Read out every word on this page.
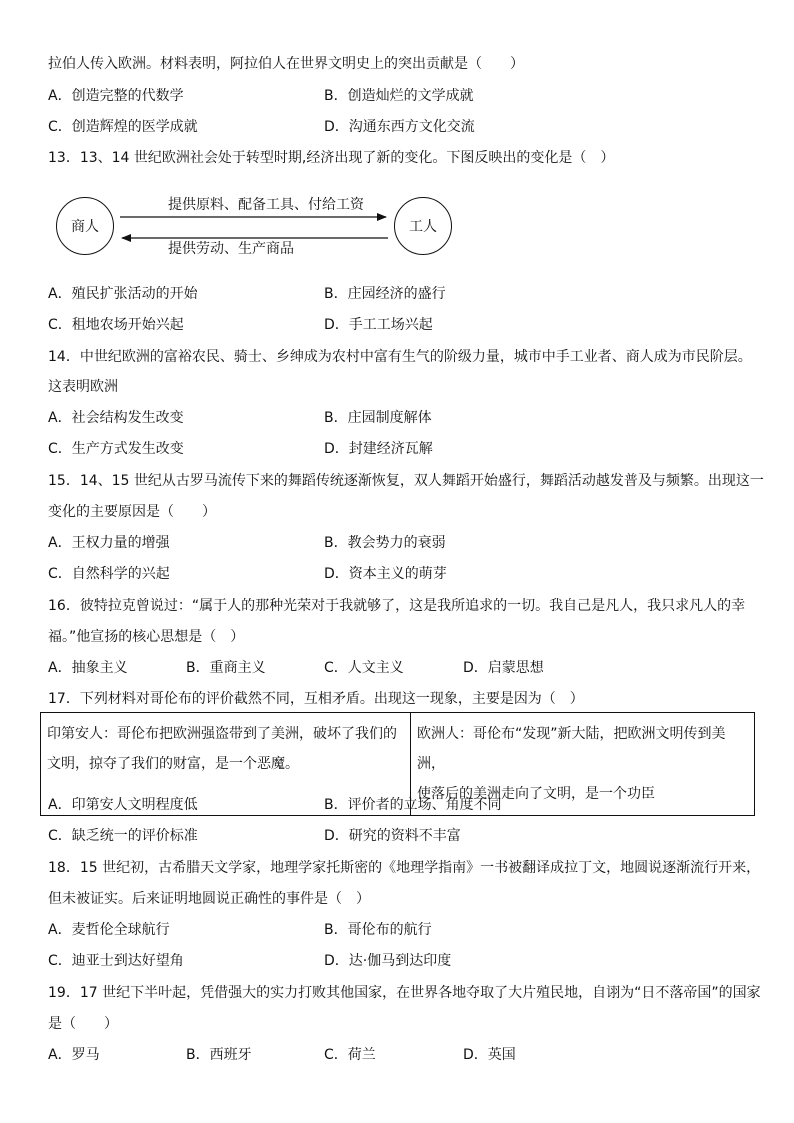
拉伯人传入欧洲。材料表明，阿拉伯人在世界文明史上的突出贡献是（　　）
A．创造完整的代数学	B．创造灿烂的文学成就
C．创造辉煌的医学成就	D．沟通东西方文化交流
13．13、14 世纪欧洲社会处于转型时期,经济出现了新的变化。下图反映出的变化是（　）
商人	工人
提供原料、配备工具、付给工资
提供劳动、生产商品
A．殖民扩张活动的开始	B．庄园经济的盛行
C．租地农场开始兴起	D．手工工场兴起
14．中世纪欧洲的富裕农民、骑士、乡绅成为农村中富有生气的阶级力量，城市中手工业者、商人成为市民阶层。
这表明欧洲
A．社会结构发生改变	B．庄园制度解体
C．生产方式发生改变	D．封建经济瓦解
15．14、15 世纪从古罗马流传下来的舞蹈传统逐渐恢复，双人舞蹈开始盛行，舞蹈活动越发普及与频繁。出现这一
变化的主要原因是（　　）
A．王权力量的增强	B．教会势力的衰弱
C．自然科学的兴起	D．资本主义的萌芽
16．彼特拉克曾说过：“属于人的那种光荣对于我就够了，这是我所追求的一切。我自己是凡人，我只求凡人的幸
福。”他宣扬的核心思想是（　）
A．抽象主义	B．重商主义	C．人文主义	D．启蒙思想
17．下列材料对哥伦布的评价截然不同，互相矛盾。出现这一现象，主要是因为（　）
印第安人：哥伦布把欧洲强盗带到了美洲，破坏了我们的
文明，掠夺了我们的财富，是一个恶魔。

欧洲人：哥伦布“发现”新大陆，把欧洲文明传到美洲，
使落后的美洲走向了文明，是一个功臣
A．印第安人文明程度低	B．评价者的立场、角度不同
C．缺乏统一的评价标准	D．研究的资料不丰富
18．15 世纪初，古希腊天文学家，地理学家托斯密的《地理学指南》一书被翻译成拉丁文，地圆说逐渐流行开来，
但未被证实。后来证明地圆说正确性的事件是（　）
A．麦哲伦全球航行	B．哥伦布的航行
C．迪亚士到达好望角	D．达·伽马到达印度
19．17 世纪下半叶起，凭借强大的实力打败其他国家，在世界各地夺取了大片殖民地，自诩为“日不落帝国”的国家
是（　　）
A．罗马	B．西班牙	C．荷兰	D．英国
